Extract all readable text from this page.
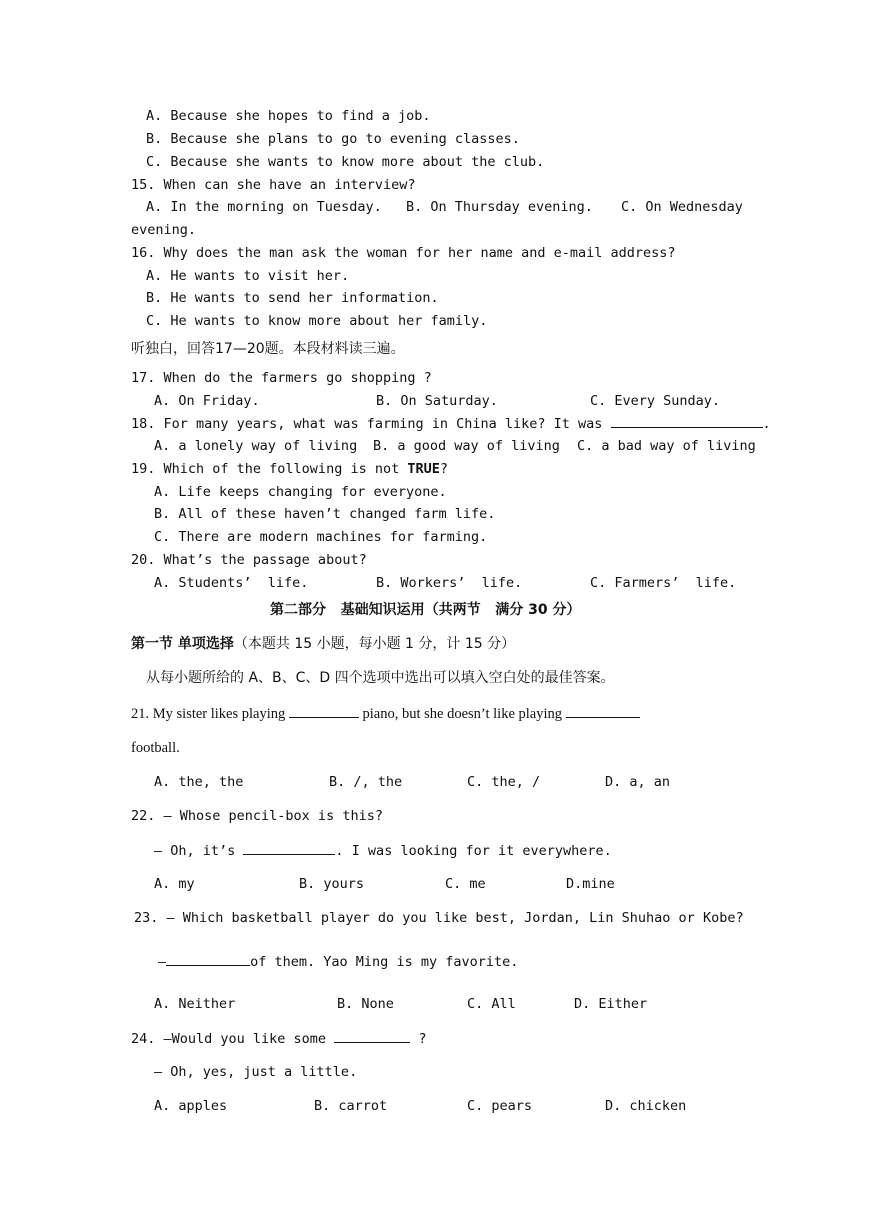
A. Because she hopes to find a job.
B. Because she plans to go to evening classes.
C. Because she wants to know more about the club.
15. When can she have an interview?
A. In the morning on Tuesday. B. On Thursday evening. C. On Wednesday
evening.
16. Why does the man ask the woman for her name and e-mail address?
A. He wants to visit her.
B. He wants to send her information.
C. He wants to know more about her family.
听独白，回答17—20题。本段材料读三遍。
17. When do the farmers go shopping ?
A. On Friday.	B. On Saturday.	C. Every Sunday.
18. For many years, what was farming in China like? It was	.
A. a lonely way of living B. a good way of living C. a bad way of living
19. Which of the following is not TRUE?
A. Life keeps changing for everyone.
B. All of these haven’t changed farm life.
C. There are modern machines for farming.
20. What’s the passage about?
A. Students’  life.	B. Workers’  life.	C. Farmers’  life.
第二部分   基础知识运用（共两节   满分 30 分）
第一节 单项选择（本题共 15 小题，每小题 1 分，计 15 分）
从每小题所给的 A、B、C、D 四个选项中选出可以填入空白处的最佳答案。
21. My sister likes playing	piano, but she doesn’t like playing
football.
A. the, the	B. /, the	C. the, /	D. a, an
22. — Whose pencil-box is this?
— Oh, it’s	. I was looking for it everywhere.
A. my	B. yours	C. me	D.mine
23. — Which basketball player do you like best, Jordan, Lin Shuhao or Kobe?
—	of them. Yao Ming is my favorite.
A. Neither	B. None	C. All	D. Either
24. —Would you like some	?
— Oh, yes, just a little.
A. apples	B. carrot	C. pears	D. chicken
